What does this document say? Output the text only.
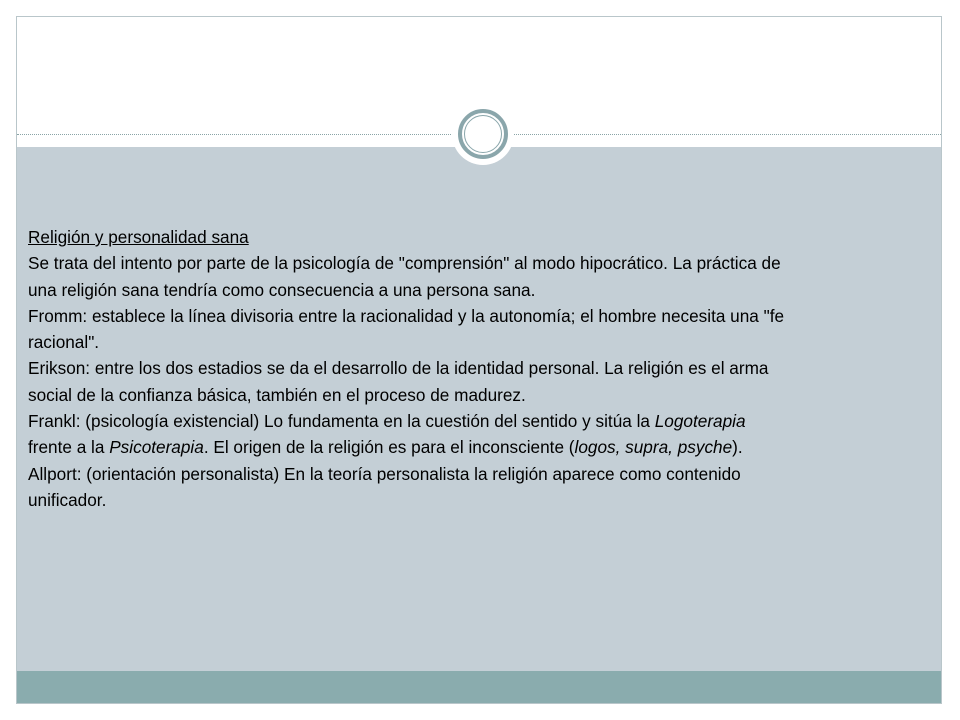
Religión y personalidad sana

Se trata del intento por parte de la psicología de "comprensión" al modo hipocrático. La práctica de

una religión sana tendría como consecuencia a una persona sana.

Fromm: establece la línea divisoria entre la racionalidad y la autonomía; el hombre necesita una "fe

racional".

Erikson: entre los dos estadios se da el desarrollo de la identidad personal. La religión es el arma

social de la confianza básica, también en el proceso de madurez.

Frankl: (psicología existencial) Lo fundamenta en la cuestión del sentido y sitúa la Logoterapia

frente a la Psicoterapia. El origen de la religión es para el inconsciente (logos, supra, psyche).

Allport: (orientación personalista) En la teoría personalista la religión aparece como contenido

unificador.
